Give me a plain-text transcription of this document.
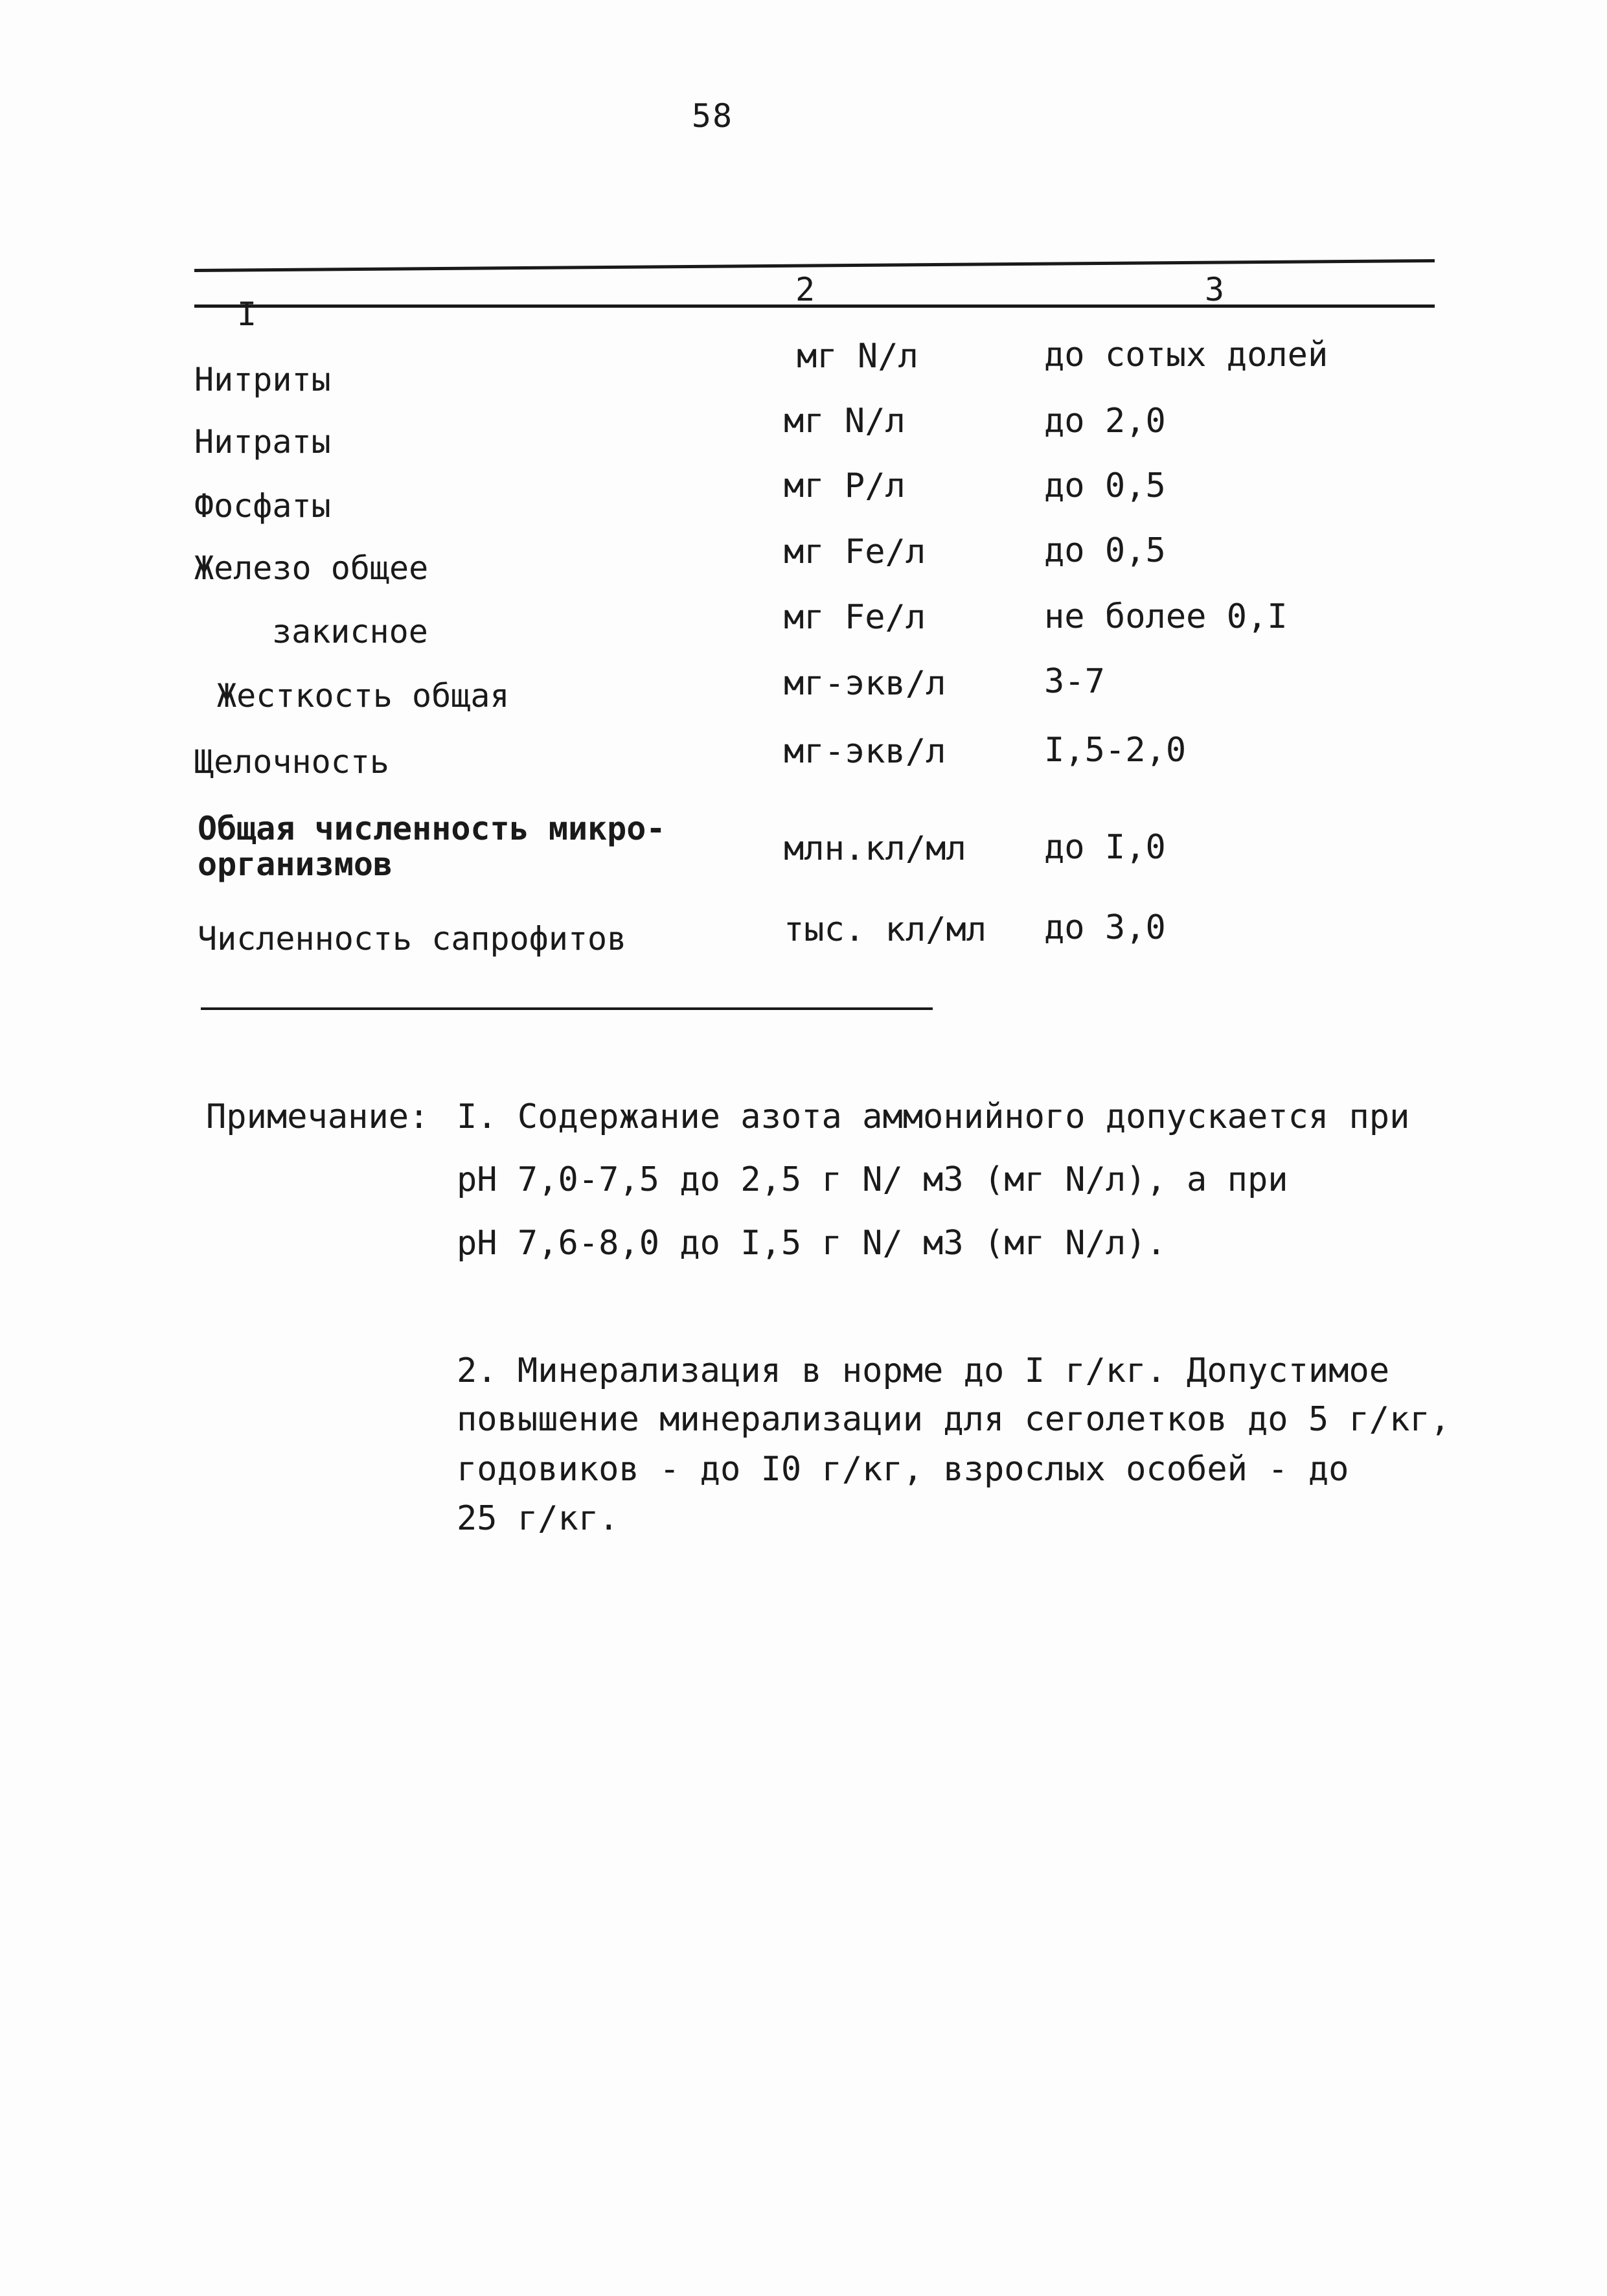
58
I
2	3
Нитриты
Нитраты
Фосфаты
Железо общее
закисное
Жесткость общая
Щелочность
Общая численность микро-
организмов
Численность сапрофитов
мг N/л
мг N/л
мг P/л
мг Fe/л
мг Fe/л
мг-экв/л
мг-экв/л
млн.кл/мл
тыс. кл/мл
до сотых долей
до 2,0
до 0,5
до 0,5
не более 0,I
3-7
I,5-2,0
до I,0
до 3,0
Примечание: I. Содержание азота аммонийного допускается при
рН 7,0-7,5 до 2,5 г N/ м3 (мг N/л), а при
рН 7,6-8,0 до I,5 г N/ м3 (мг N/л).
2. Минерализация в норме до I г/кг. Допустимое
повышение минерализации для сеголетков до 5 г/кг,
годовиков - до I0 г/кг, взрослых особей - до
25 г/кг.
